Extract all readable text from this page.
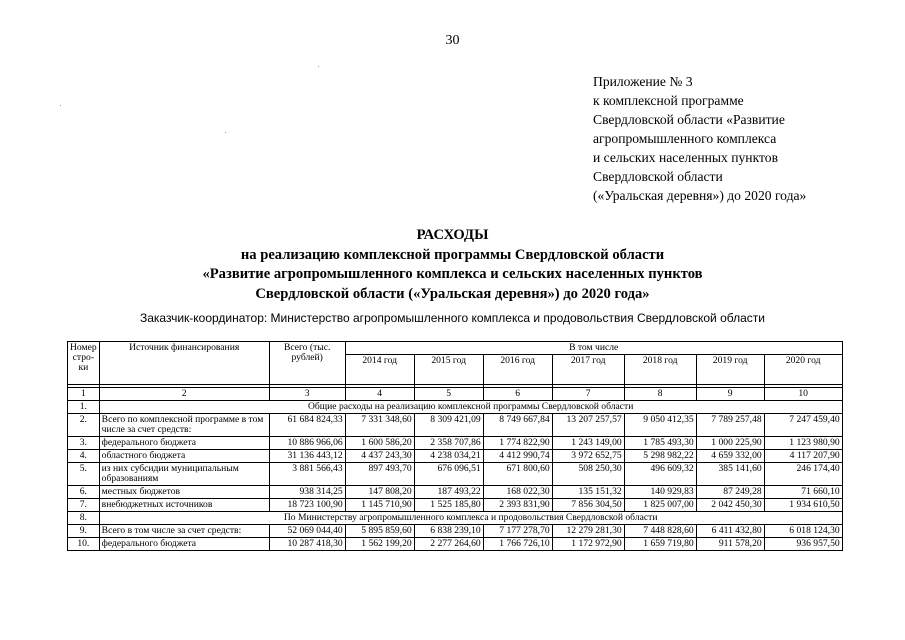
30
Приложение № 3
к комплексной программе
Свердловской области «Развитие
агропромышленного комплекса
и сельских населенных пунктов
Свердловской области
(«Уральская деревня») до 2020 года»
РАСХОДЫ
на реализацию комплексной программы Свердловской области
«Развитие агропромышленного комплекса и сельских населенных пунктов
Свердловской области («Уральская деревня») до 2020 года»
Заказчик-координатор: Министерство агропромышленного комплекса и продовольствия Свердловской области
Номер стро- ки	Источник финансирования	Всего (тыс. рублей)	В том числе						
			2014 год	2015 год	2016 год	2017 год	2018 год	2019 год	2020 год

1	2	3	4	5	6	7	8	9	10
1.	Общие расходы на реализацию комплексной программы Свердловской области								
2.	Всего по комплексной программе в том числе за счет средств:	61 684 824,33	7 331 348,60	8 309 421,09	8 749 667,84	13 207 257,57	9 050 412,35	7 789 257,48	7 247 459,40
3.	федерального бюджета	10 886 966,06	1 600 586,20	2 358 707,86	1 774 822,90	1 243 149,00	1 785 493,30	1 000 225,90	1 123 980,90
4.	областного бюджета	31 136 443,12	4 437 243,30	4 238 034,21	4 412 990,74	3 972 652,75	5 298 982,22	4 659 332,00	4 117 207,90
5.	из них субсидии муниципальным образованиям	3 881 566,43	897 493,70	676 096,51	671 800,60	508 250,30	496 609,32	385 141,60	246 174,40
6.	местных бюджетов	938 314,25	147 808,20	187 493,22	168 022,30	135 151,32	140 929,83	87 249,28	71 660,10
7.	внебюджетных источников	18 723 100,90	1 145 710,90	1 525 185,80	2 393 831,90	7 856 304,50	1 825 007,00	2 042 450,30	1 934 610,50
8.	По Министерству агропромышленного комплекса и продовольствия Свердловской области								
9.	Всего в том числе за счет средств:	52 069 044,40	5 895 859,60	6 838 239,10	7 177 278,70	12 279 281,30	7 448 828,60	6 411 432,80	6 018 124,30
10.	федерального бюджета	10 287 418,30	1 562 199,20	2 277 264,60	1 766 726,10	1 172 972,90	1 659 719,80	911 578,20	936 957,50
